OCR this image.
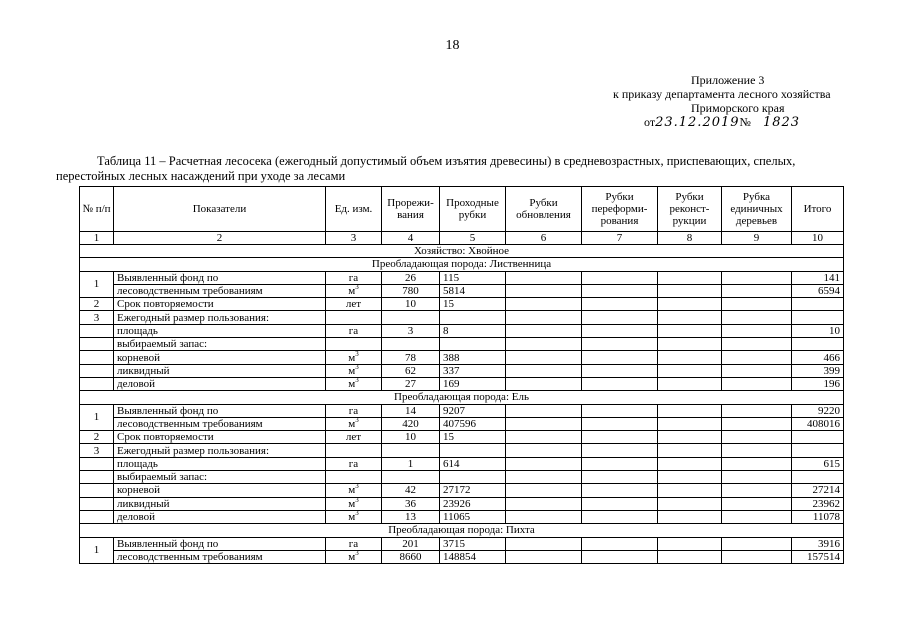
18
Приложение 3
к приказу департамента лесного хозяйства
Приморского края
от23.12.2019№ 1823
Таблица 11 – Расчетная лесосека (ежегодный допустимый объем изъятия древесины) в средневозрастных, приспевающих, спелых,
перестойных лесных насаждений при уходе за лесами
№ п/п	Показатели	Ед. изм.	Прорежи-вания	Проходные рубки	Рубки обновления	Рубки переформи-рования	Рубки реконст-рукции	Рубка единичных деревьев	Итого
1	2	3	4	5	6	7	8	9	10
Хозяйство: Хвойное									
Преобладающая порода: Лиственница									
1	Выявленный фонд по	га	26	115					141
	лесоводственным требованиям	$м^3$	780	5814					6594
2	Срок повторяемости	лет	10	15					
3	Ежегодный размер пользования:								
	площадь	га	3	8					10
	выбираемый запас:								
	корневой	$м^3$	78	388					466
	ликвидный	$м^3$	62	337					399
	деловой	$м^3$	27	169					196
Преобладающая порода: Ель									
1	Выявленный фонд по	га	14	9207					9220
	лесоводственным требованиям	$м^3$	420	407596					408016
2	Срок повторяемости	лет	10	15					
3	Ежегодный размер пользования:								
	площадь	га	1	614					615
	выбираемый запас:								
	корневой	$м^3$	42	27172					27214
	ликвидный	$м^3$	36	23926					23962
	деловой	$м^3$	13	11065					11078
Преобладающая порода: Пихта									
1	Выявленный фонд по	га	201	3715					3916
	лесоводственным требованиям	$м^3$	8660	148854					157514
